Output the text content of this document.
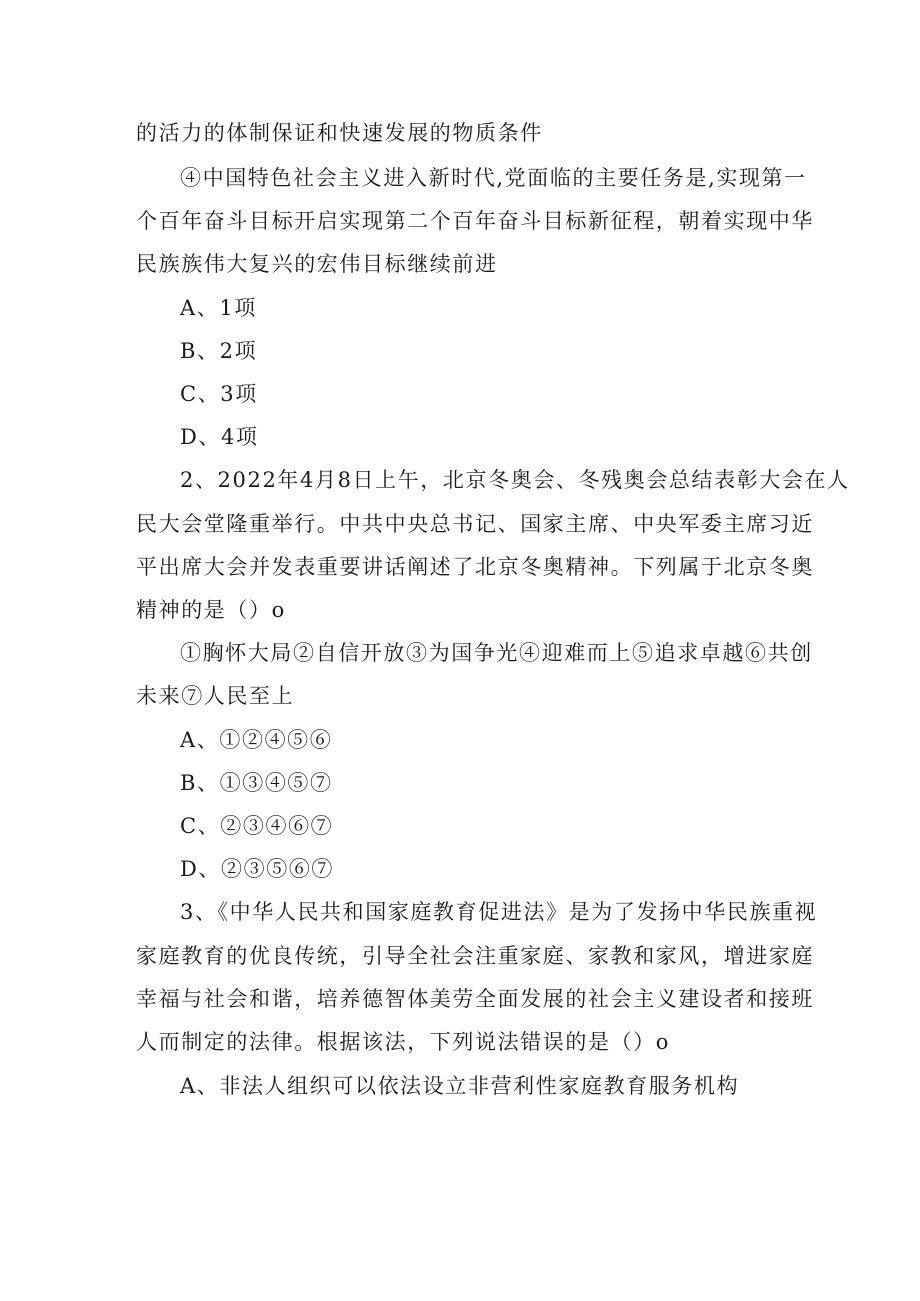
的活力的体制保证和快速发展的物质条件
④中国特色社会主义进入新时代,党面临的主要任务是,实现第一
个百年奋斗目标开启实现第二个百年奋斗目标新征程，朝着实现中华
民族族伟大复兴的宏伟目标继续前进
A、1项
B、2项
C、3项
D、4项
2、2022年4月8日上午，北京冬奥会、冬残奥会总结表彰大会在人
民大会堂隆重举行。中共中央总书记、国家主席、中央军委主席习近
平出席大会并发表重要讲话阐述了北京冬奥精神。下列属于北京冬奥
精神的是（）o
①胸怀大局②自信开放③为国争光④迎难而上⑤追求卓越⑥共创
未来⑦人民至上
A、①②④⑤⑥
B、①③④⑤⑦
C、②③④⑥⑦
D、②③⑤⑥⑦
3、《中华人民共和国家庭教育促进法》是为了发扬中华民族重视
家庭教育的优良传统，引导全社会注重家庭、家教和家风，增进家庭
幸福与社会和谐，培养德智体美劳全面发展的社会主义建设者和接班
人而制定的法律。根据该法，下列说法错误的是（）o
A、非法人组织可以依法设立非营利性家庭教育服务机构
